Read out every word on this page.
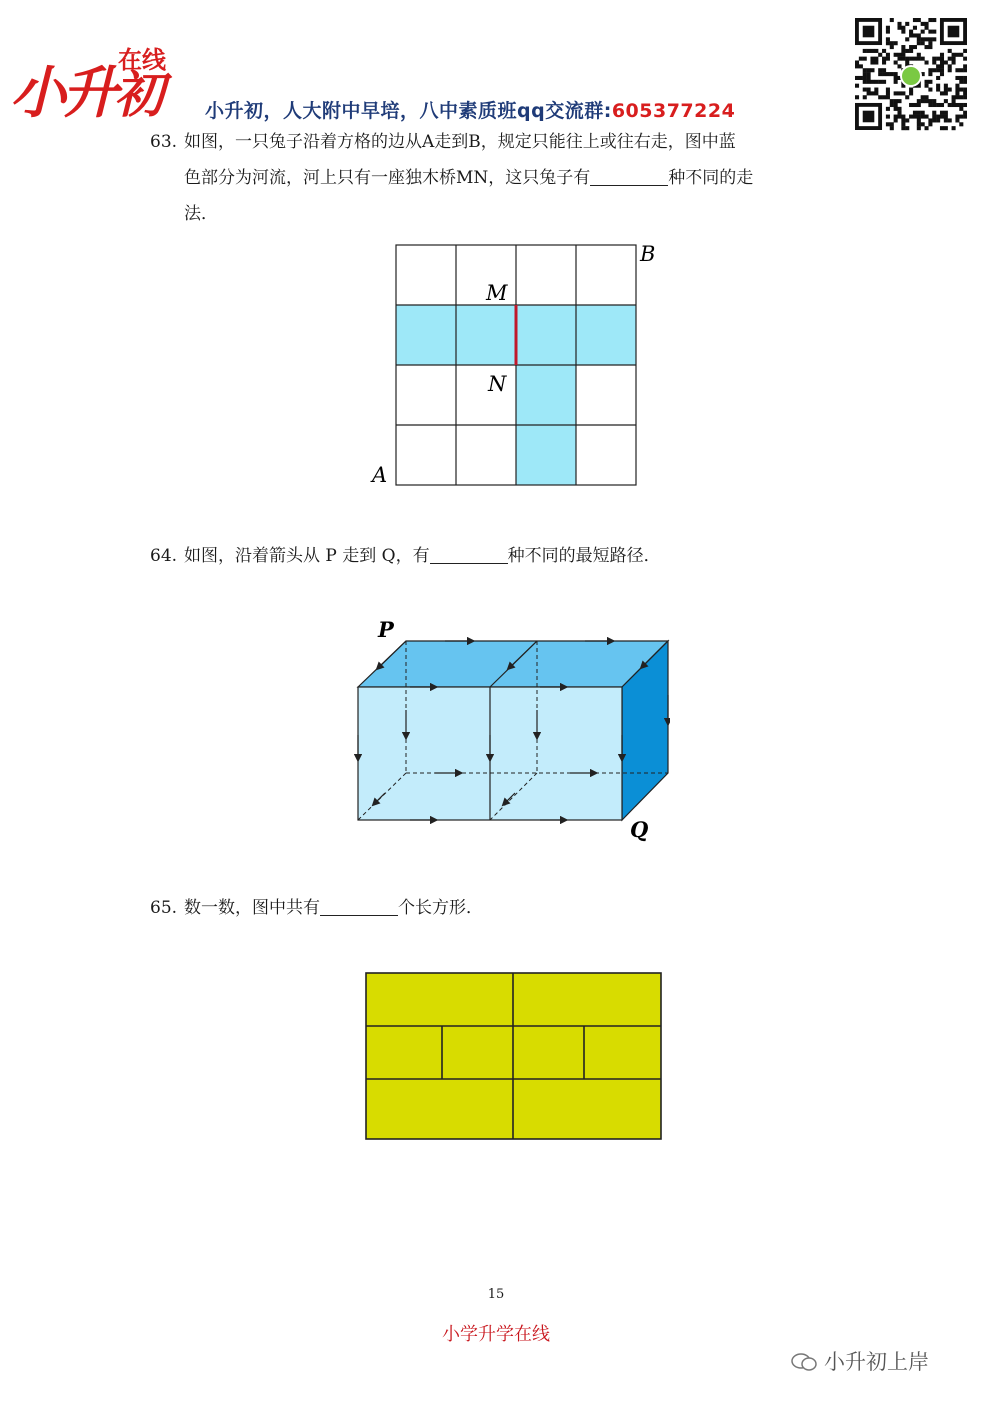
小
升
初
在线
小升初，人大附中早培，八中素质班qq交流群:605377224
63. 如图，一只兔子沿着方格的边从A走到B，规定只能往上或往右走，图中蓝
色部分为河流，河上只有一座独木桥MN，这只兔子有	种不同的走
法．
A
B
M
N
64. 如图，沿着箭头从 P 走到 Q，有	种不同的最短路径．
P
Q
65. 数一数，图中共有	个长方形．
15
小学升学在线
小升初上岸
